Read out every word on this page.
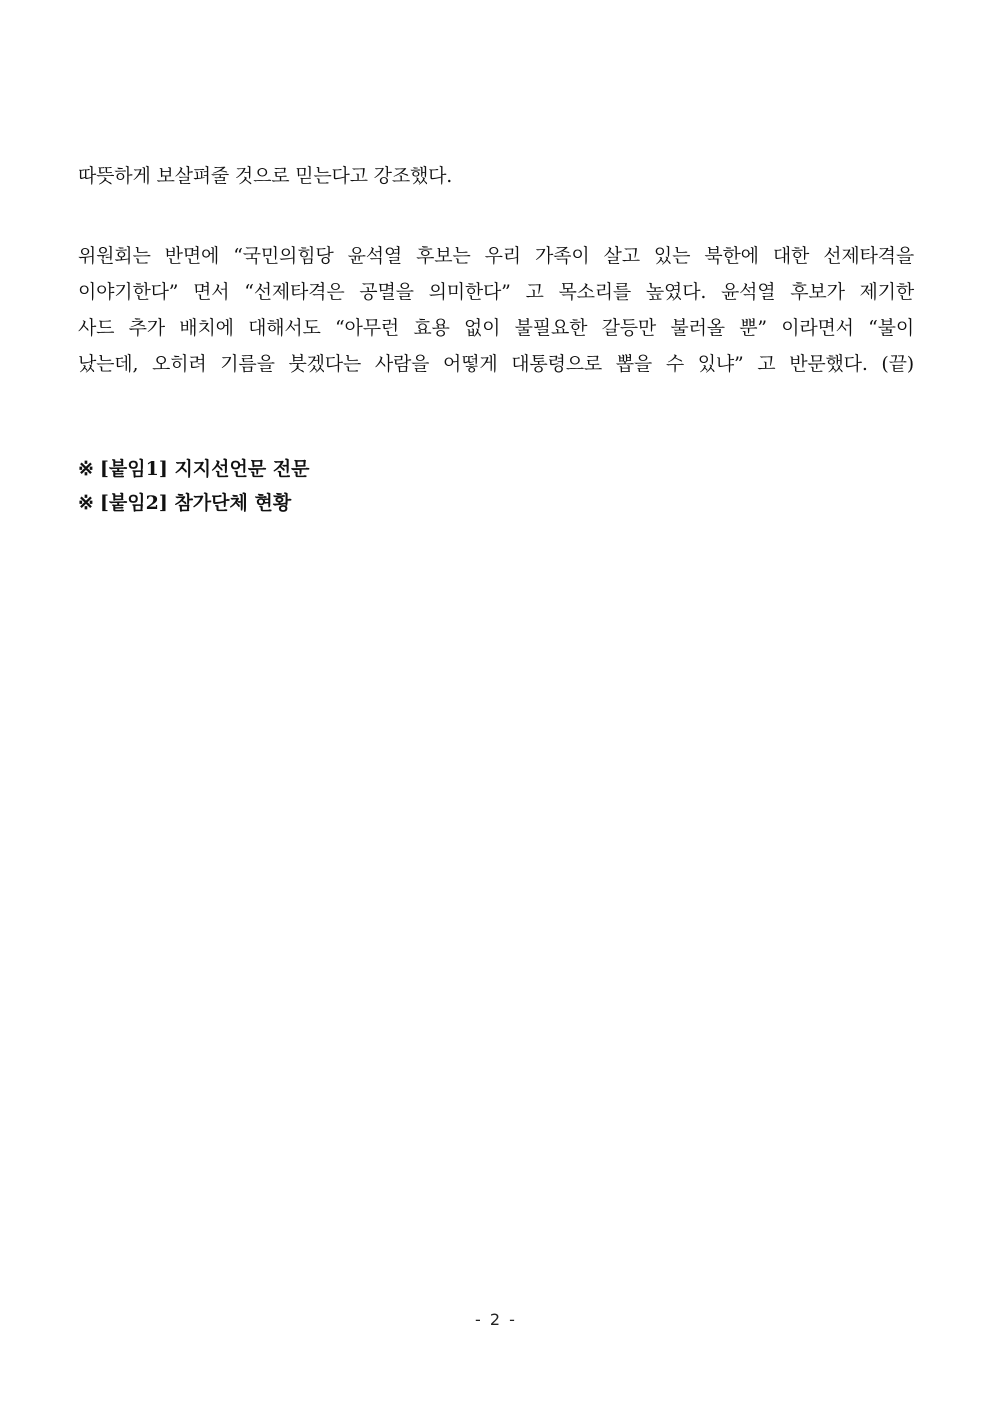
따뜻하게 보살펴줄 것으로 믿는다고 강조했다.

위원회는 반면에 “국민의힘당 윤석열 후보는 우리 가족이 살고 있는 북한에 대한 선제타격을
이야기한다” 면서 “선제타격은 공멸을 의미한다” 고 목소리를 높였다. 윤석열 후보가 제기한
사드 추가 배치에 대해서도 “아무런 효용 없이 불필요한 갈등만 불러올 뿐” 이라면서 “불이
났는데, 오히려 기름을 붓겠다는 사람을 어떻게 대통령으로 뽑을 수 있냐” 고 반문했다. (끝)

※ [붙임1] 지지선언문 전문
※ [붙임2] 참가단체 현황
- 2 -
